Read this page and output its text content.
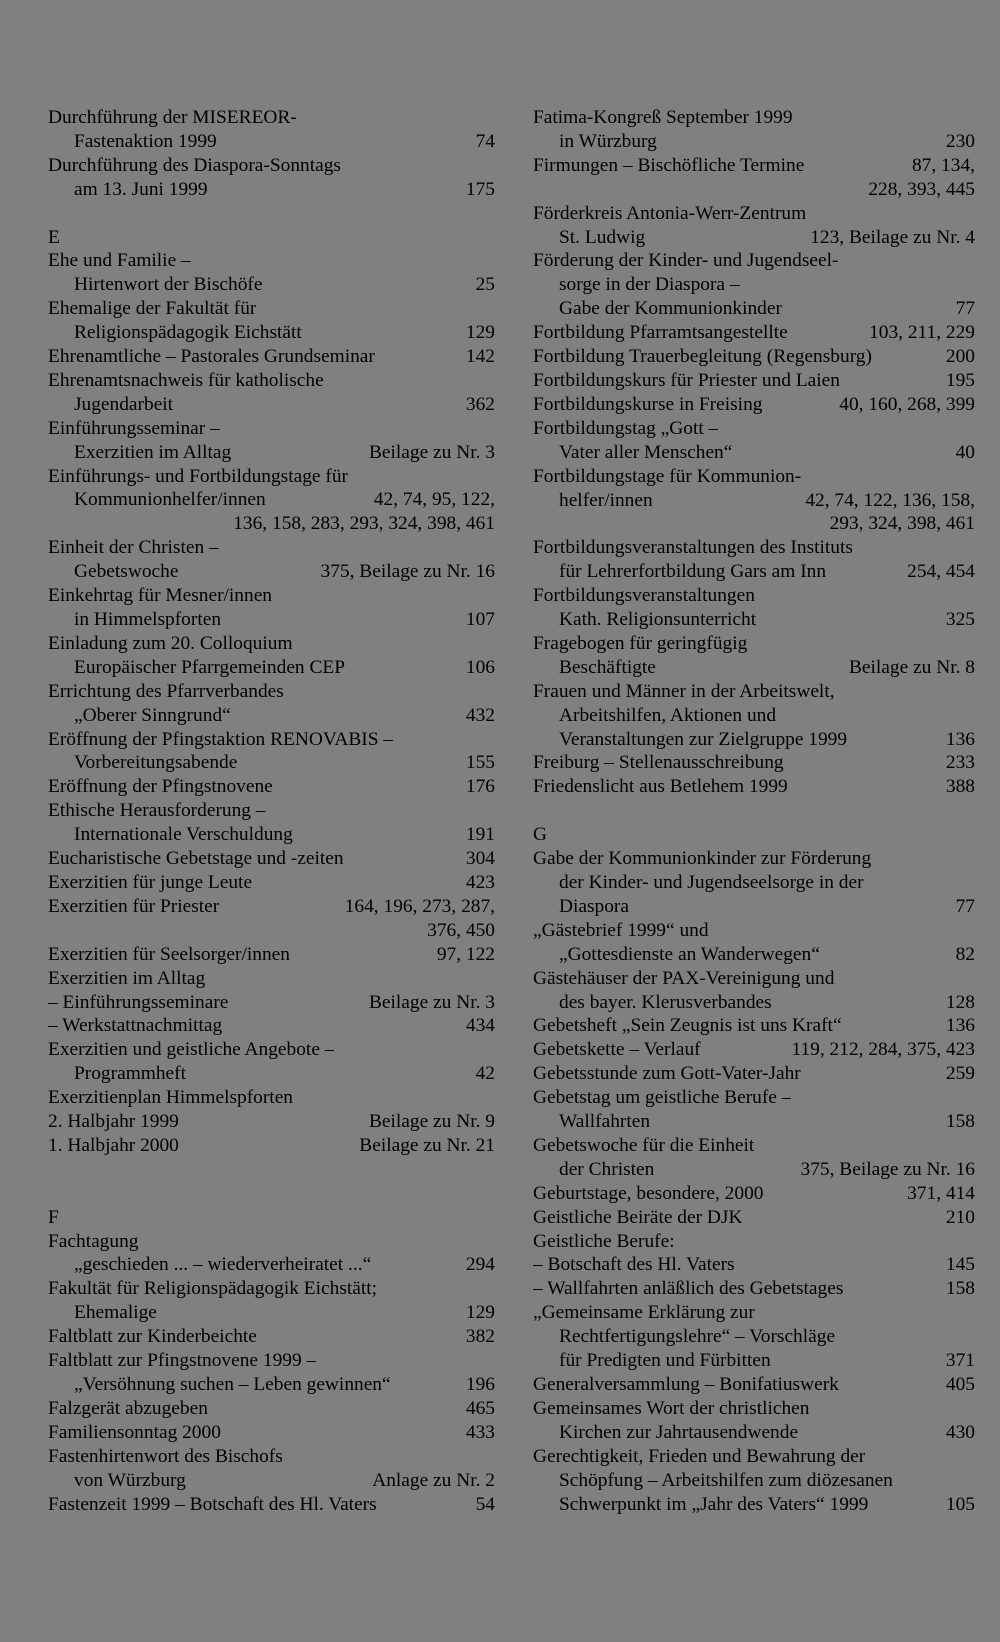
Durchführung der MISEREOR-
Fastenaktion 1999	74
Durchführung des Diaspora-Sonntags
am 13. Juni 1999	175
E
Ehe und Familie –
Hirtenwort der Bischöfe	25
Ehemalige der Fakultät für
Religionspädagogik Eichstätt	129
Ehrenamtliche – Pastorales Grundseminar	142
Ehrenamtsnachweis für katholische
Jugendarbeit	362
Einführungsseminar –
Exerzitien im Alltag	Beilage zu Nr. 3
Einführungs- und Fortbildungstage für
Kommunionhelfer/innen	42, 74, 95, 122,
136, 158, 283, 293, 324, 398, 461
Einheit der Christen –
Gebetswoche	375, Beilage zu Nr. 16
Einkehrtag für Mesner/innen
in Himmelspforten	107
Einladung zum 20. Colloquium
Europäischer Pfarrgemeinden CEP	106
Errichtung des Pfarrverbandes
„Oberer Sinngrund“	432
Eröffnung der Pfingstaktion RENOVABIS –
Vorbereitungsabende	155
Eröffnung der Pfingstnovene	176
Ethische Herausforderung –
Internationale Verschuldung	191
Eucharistische Gebetstage und -zeiten	304
Exerzitien für junge Leute	423
Exerzitien für Priester	164, 196, 273, 287,
376, 450
Exerzitien für Seelsorger/innen	97, 122
Exerzitien im Alltag
– Einführungsseminare	Beilage zu Nr. 3
– Werkstattnachmittag	434
Exerzitien und geistliche Angebote –
Programmheft	42
Exerzitienplan Himmelspforten
2. Halbjahr 1999	Beilage zu Nr. 9
1. Halbjahr 2000	Beilage zu Nr. 21
F
Fachtagung
„geschieden ... – wiederverheiratet ...“	294
Fakultät für Religionspädagogik Eichstätt;
Ehemalige	129
Faltblatt zur Kinderbeichte	382
Faltblatt zur Pfingstnovene 1999 –
„Versöhnung suchen – Leben gewinnen“	196
Falzgerät abzugeben	465
Familiensonntag 2000	433
Fastenhirtenwort des Bischofs
von Würzburg	Anlage zu Nr. 2
Fastenzeit 1999 – Botschaft des Hl. Vaters	54
Fatima-Kongreß September 1999
in Würzburg	230
Firmungen – Bischöfliche Termine	87, 134,
228, 393, 445
Förderkreis Antonia-Werr-Zentrum
St. Ludwig	123, Beilage zu Nr. 4
Förderung der Kinder- und Jugendseel-
sorge in der Diaspora –
Gabe der Kommunionkinder	77
Fortbildung Pfarramtsangestellte	103, 211, 229
Fortbildung Trauerbegleitung (Regensburg)	200
Fortbildungskurs für Priester und Laien	195
Fortbildungskurse in Freising	40, 160, 268, 399
Fortbildungstag „Gott –
Vater aller Menschen“	40
Fortbildungstage für Kommunion-
helfer/innen	42, 74, 122, 136, 158,
293, 324, 398, 461
Fortbildungsveranstaltungen des Instituts
für Lehrerfortbildung Gars am Inn	254, 454
Fortbildungsveranstaltungen
Kath. Religionsunterricht	325
Fragebogen für geringfügig
Beschäftigte	Beilage zu Nr. 8
Frauen und Männer in der Arbeitswelt,
Arbeitshilfen, Aktionen und
Veranstaltungen zur Zielgruppe 1999	136
Freiburg – Stellenausschreibung	233
Friedenslicht aus Betlehem 1999	388
G
Gabe der Kommunionkinder zur Förderung
der Kinder- und Jugendseelsorge in der
Diaspora	77
„Gästebrief 1999“ und
„Gottesdienste an Wanderwegen“	82
Gästehäuser der PAX-Vereinigung und
des bayer. Klerusverbandes	128
Gebetsheft „Sein Zeugnis ist uns Kraft“	136
Gebetskette – Verlauf	119, 212, 284, 375, 423
Gebetsstunde zum Gott-Vater-Jahr	259
Gebetstag um geistliche Berufe –
Wallfahrten	158
Gebetswoche für die Einheit
der Christen	375, Beilage zu Nr. 16
Geburtstage, besondere, 2000	371, 414
Geistliche Beiräte der DJK	210
Geistliche Berufe:
– Botschaft des Hl. Vaters	145
– Wallfahrten anläßlich des Gebetstages	158
„Gemeinsame Erklärung zur
Rechtfertigungslehre“ – Vorschläge
für Predigten und Fürbitten	371
Generalversammlung – Bonifatiuswerk	405
Gemeinsames Wort der christlichen
Kirchen zur Jahrtausendwende	430
Gerechtigkeit, Frieden und Bewahrung der
Schöpfung – Arbeitshilfen zum diözesanen
Schwerpunkt im „Jahr des Vaters“ 1999	105
